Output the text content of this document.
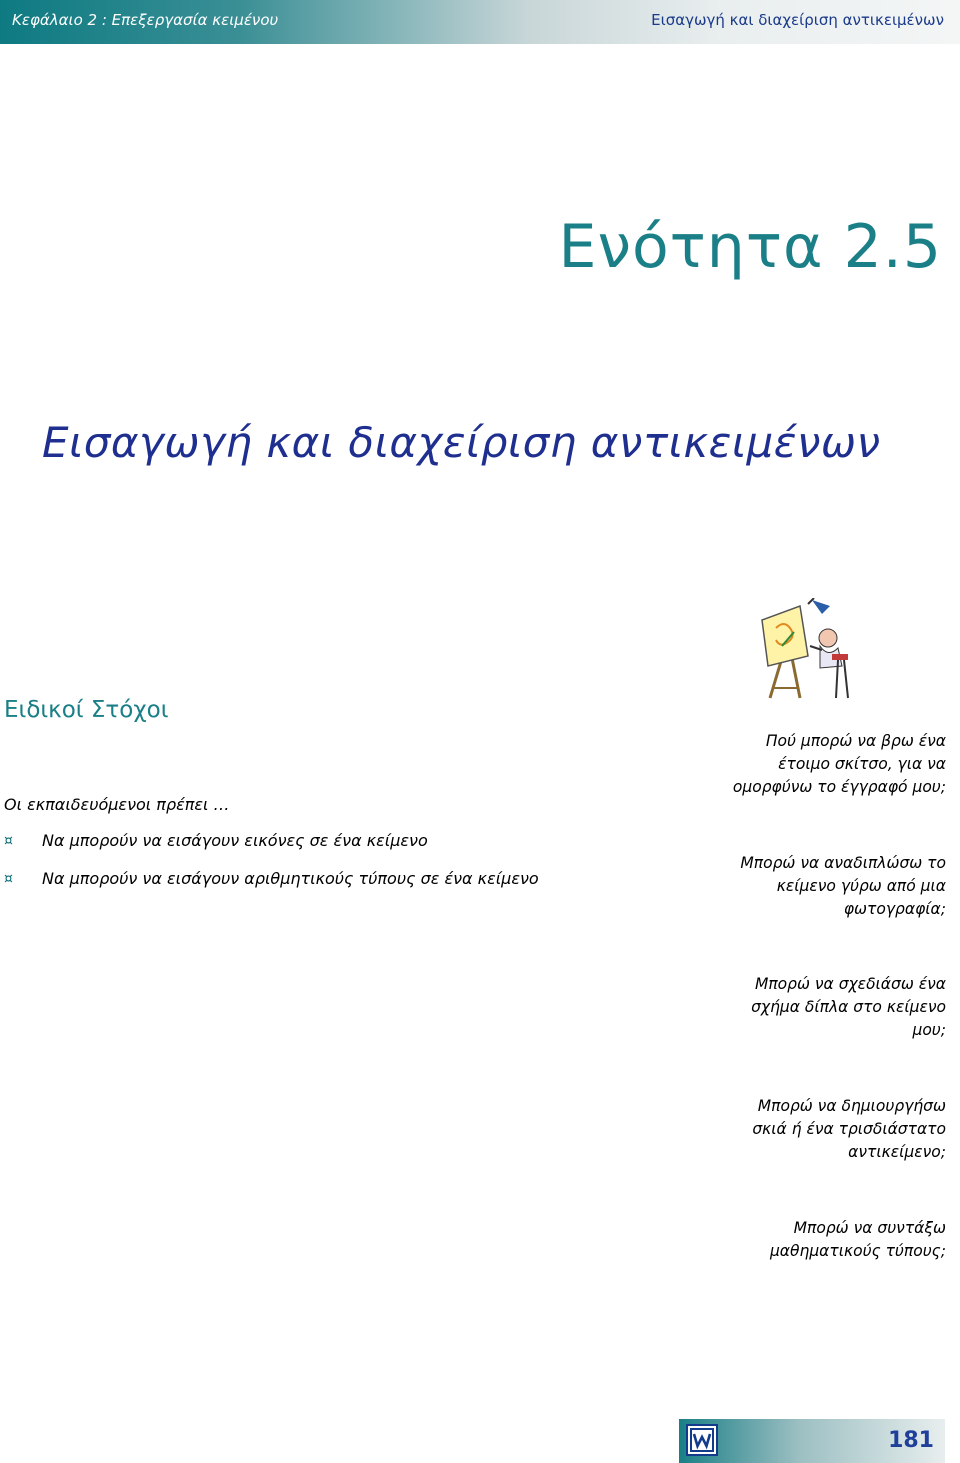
Κεφάλαιο 2 : Επεξεργασία κειμένου	Εισαγωγή και διαχείριση αντικειμένων
Ενότητα 2.5
Εισαγωγή και διαχείριση αντικειμένων
Ειδικοί Στόχοι
Οι εκπαιδευόμενοι πρέπει …
¤	Να μπορούν να εισάγουν εικόνες σε ένα κείμενο
¤	Να μπορούν να εισάγουν αριθμητικούς τύπους σε ένα κείμενο
Πού μπορώ να βρω ένα
έτοιμο σκίτσο, για να
ομορφύνω το έγγραφό μου;
Μπορώ να αναδιπλώσω το
κείμενο γύρω από μια
φωτογραφία;
Μπορώ να σχεδιάσω ένα
σχήμα δίπλα στο κείμενο
μου;
Μπορώ να δημιουργήσω
σκιά ή ένα τρισδιάστατο
αντικείμενο;
Μπορώ να συντάξω
μαθηματικούς τύπους;
181
